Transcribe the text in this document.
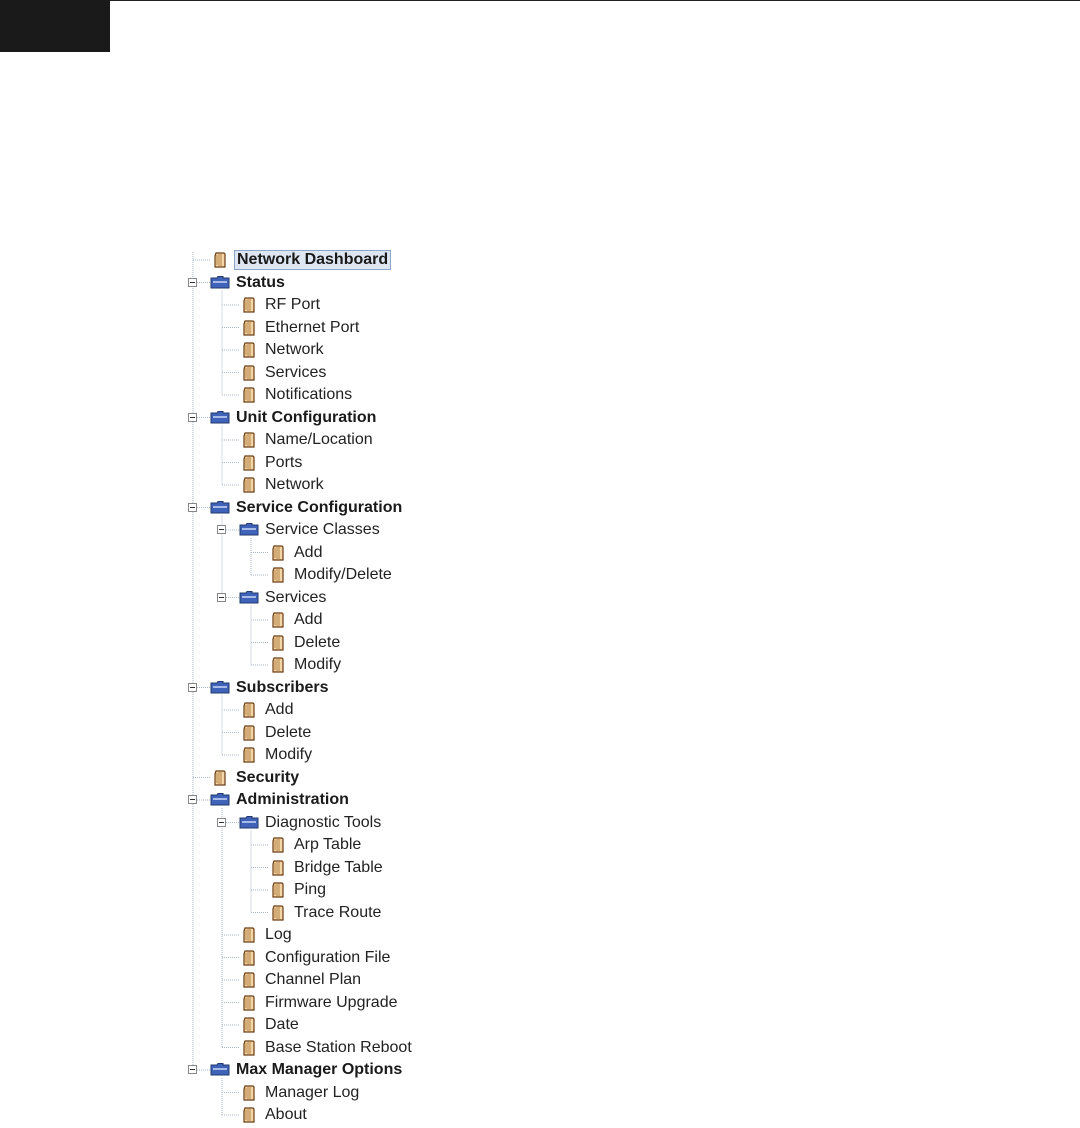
Network Dashboard
Status
RF Port
Ethernet Port
Network
Services
Notifications
Unit Configuration
Name/Location
Ports
Network
Service Configuration
Service Classes
Add
Modify/Delete
Services
Add
Delete
Modify
Subscribers
Add
Delete
Modify
Security
Administration
Diagnostic Tools
Arp Table
Bridge Table
Ping
Trace Route
Log
Configuration File
Channel Plan
Firmware Upgrade
Date
Base Station Reboot
Max Manager Options
Manager Log
About
